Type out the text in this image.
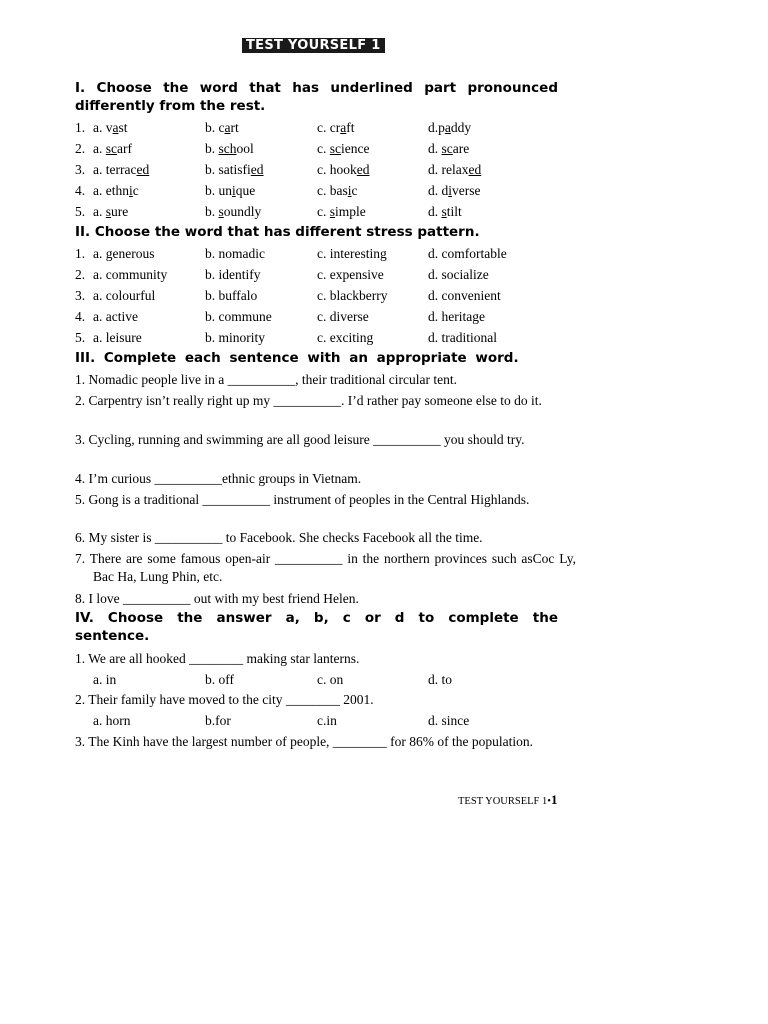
TEST YOURSELF 1
I. Choose the word that has underlined part pronounced differently from the rest.
1. a. vast	b. cart	c. craft	d.paddy
2. a. scarf	b. school	c. science	d. scare
3. a. terraced	b. satisfied	c. hooked	d. relaxed
4. a. ethnic	b. unique	c. basic	d. diverse
5. a. sure	b. soundly	c. simple	d. stilt
II. Choose the word that has different stress pattern.
1. a. generous	b. nomadic	c. interesting	d. comfortable
2. a. community	b. identify	c. expensive	d. socialize
3. a. colourful	b. buffalo	c. blackberry	d. convenient
4. a. active	b. commune	c. diverse	d. heritage
5. a. leisure	b. minority	c. exciting	d. traditional
III. Complete each sentence with an appropriate word.
1. Nomadic people live in a __________, their traditional circular tent.
2. Carpentry isn’t really right up my __________. I’d rather pay someone else to do it.
3. Cycling, running and swimming are all good leisure __________ you should try.
4. I’m curious __________ethnic groups in Vietnam.
5. Gong is a traditional __________ instrument of peoples in the Central Highlands.
6. My sister is __________ to Facebook. She checks Facebook all the time.
7. There are some famous open-air __________ in the northern provinces such asCoc Ly, Bac Ha, Lung Phin, etc.
8. I love __________ out with my best friend Helen.
IV. Choose the answer a, b, c or d to complete the sentence.
1. We are all hooked ________ making star lanterns.
a. in	b. off	c. on	d. to
2. Their family have moved to the city ________ 2001.
a. horn	b.for	c.in	d. since
3. The Kinh have the largest number of people, ________ for 86% of the population.
TEST YOURSELF 1•1
